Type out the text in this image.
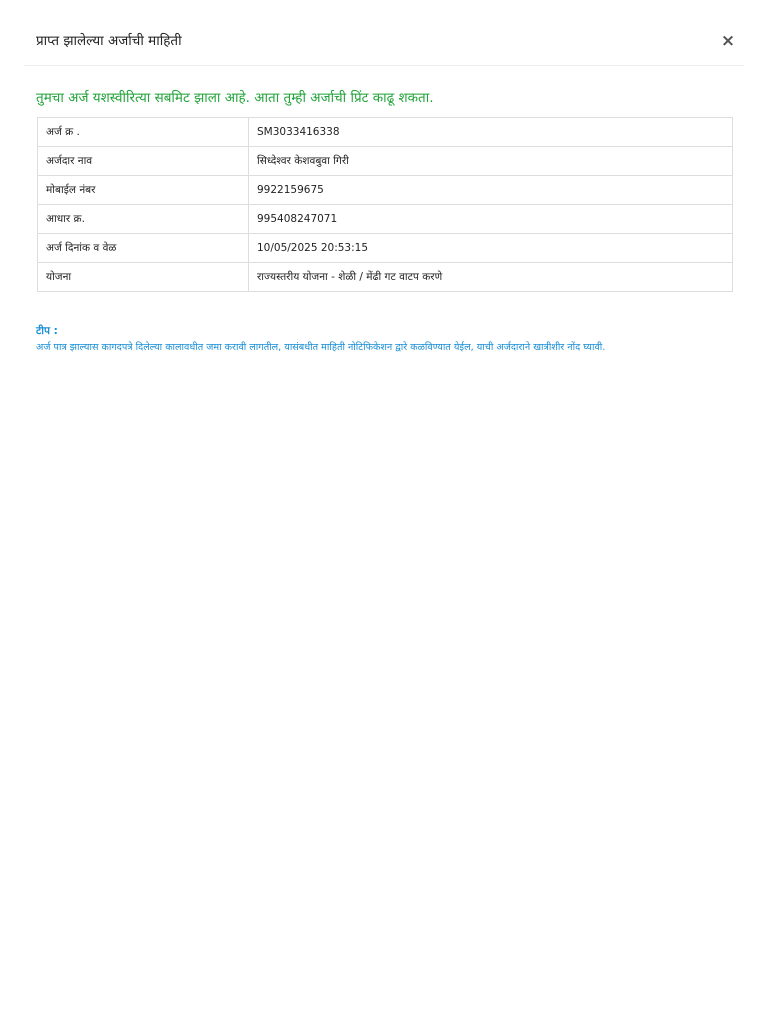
प्राप्त झालेल्या अर्जाची माहिती	×

तुमचा अर्ज यशस्वीरित्या सबमिट झाला आहे. आता तुम्ही अर्जाची प्रिंट काढू शकता.

अर्ज क्र .	SM3033416338
अर्जदार नाव	सिध्देश्वर केशवबुवा गिरी
मोबाईल नंबर	9922159675
आधार क्र.	995408247071
अर्ज दिनांक व वेळ	10/05/2025 20:53:15
योजना	राज्यस्तरीय योजना - शेळी / मेंढी गट वाटप करणे

टीप :

अर्ज पात्र झाल्यास कागदपत्रे दिलेल्या कालावधीत जमा करावी लागतील, यासंबधीत माहिती नोटिफिकेशन द्वारे कळविण्यात येईल, याची अर्जदाराने खात्रीशीर नोंद घ्यावी.
